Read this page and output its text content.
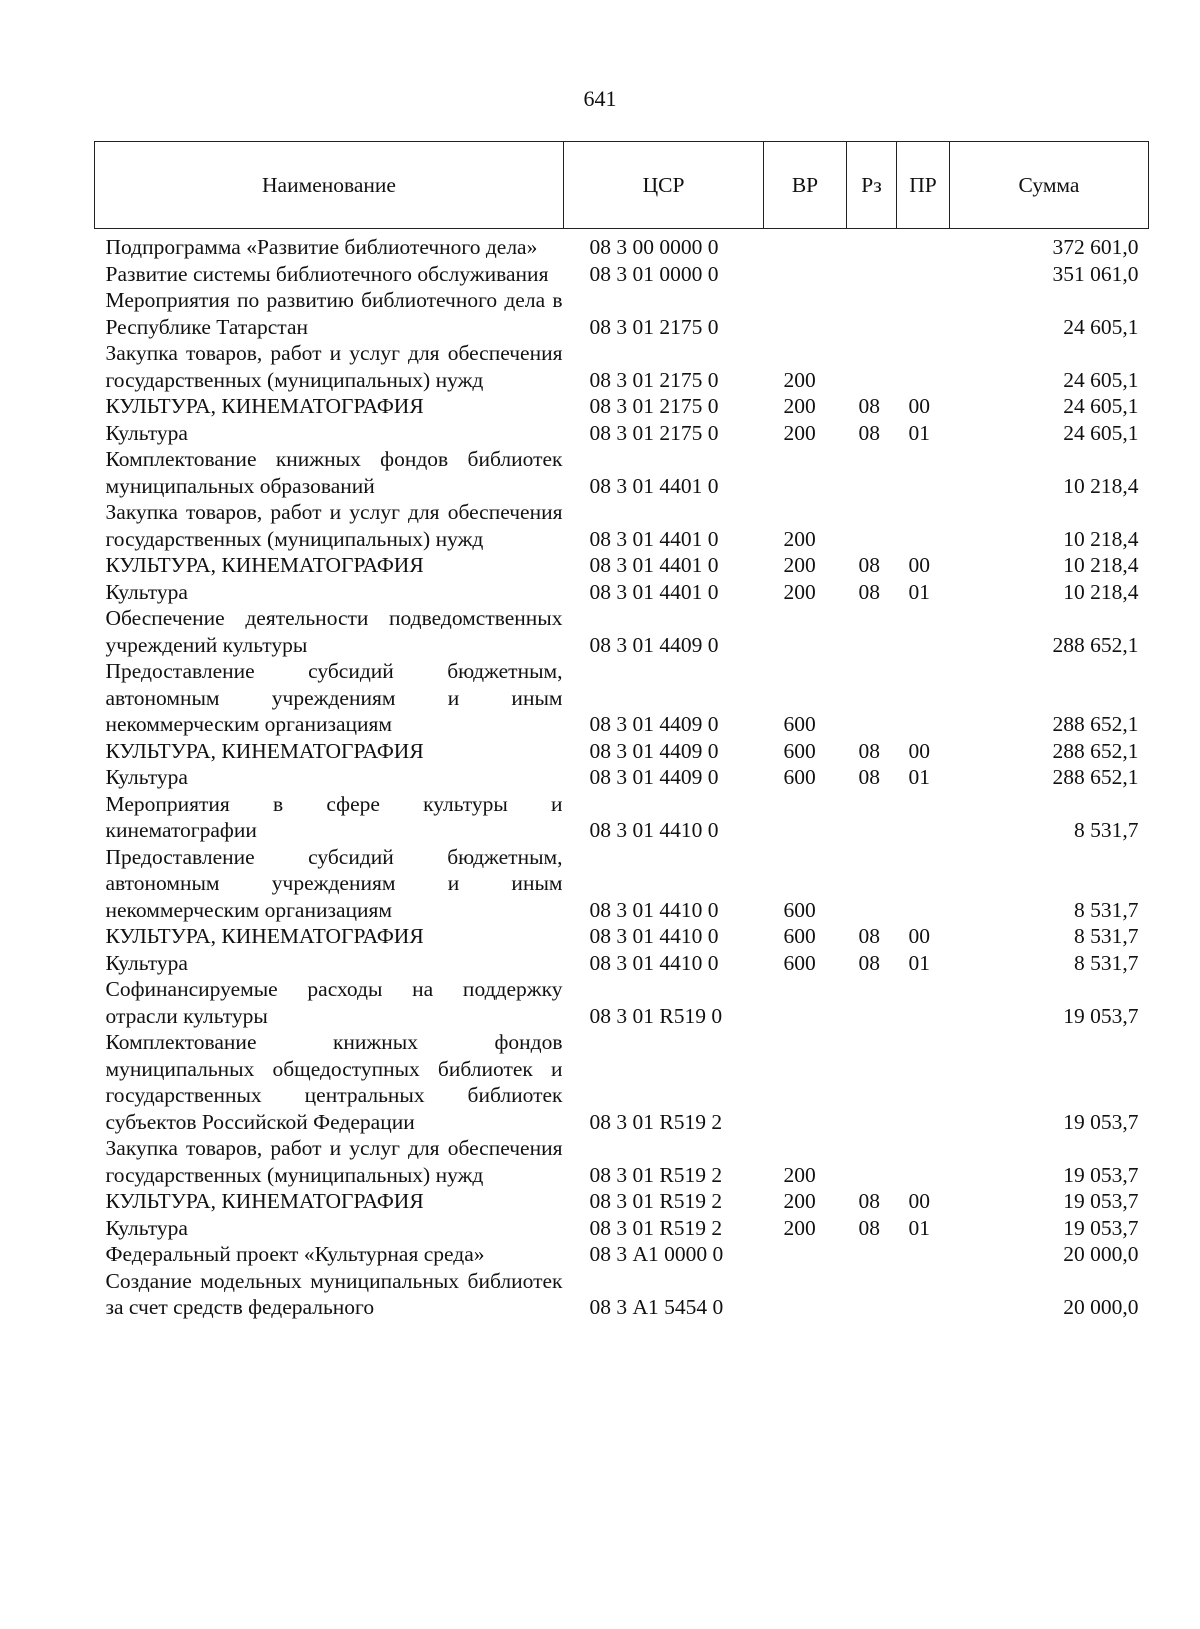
641
Наименование	ЦСР	ВР	Рз	ПР	Сумма
Подпрограмма «Развитие библиотечного дела»	08 3 00 0000 0				372 601,0
Развитие системы библиотечного обслуживания	08 3 01 0000 0				351 061,0
Мероприятия по развитию библиотечного дела в Республике Татарстан	08 3 01 2175 0				24 605,1
Закупка товаров, работ и услуг для обеспечения государственных (муниципальных) нужд	08 3 01 2175 0	200			24 605,1
КУЛЬТУРА, КИНЕМАТОГРАФИЯ	08 3 01 2175 0	200	08	00	24 605,1
Культура	08 3 01 2175 0	200	08	01	24 605,1
Комплектование книжных фондов библиотек муниципальных образований	08 3 01 4401 0				10 218,4
Закупка товаров, работ и услуг для обеспечения государственных (муниципальных) нужд	08 3 01 4401 0	200			10 218,4
КУЛЬТУРА, КИНЕМАТОГРАФИЯ	08 3 01 4401 0	200	08	00	10 218,4
Культура	08 3 01 4401 0	200	08	01	10 218,4
Обеспечение деятельности подведомственных учреждений культуры	08 3 01 4409 0				288 652,1
Предоставление субсидий бюджетным, автономным учреждениям и иным некоммерческим организациям	08 3 01 4409 0	600			288 652,1
КУЛЬТУРА, КИНЕМАТОГРАФИЯ	08 3 01 4409 0	600	08	00	288 652,1
Культура	08 3 01 4409 0	600	08	01	288 652,1
Мероприятия в сфере культуры и кинематографии	08 3 01 4410 0				8 531,7
Предоставление субсидий бюджетным, автономным учреждениям и иным некоммерческим организациям	08 3 01 4410 0	600			8 531,7
КУЛЬТУРА, КИНЕМАТОГРАФИЯ	08 3 01 4410 0	600	08	00	8 531,7
Культура	08 3 01 4410 0	600	08	01	8 531,7
Софинансируемые расходы на поддержку отрасли культуры	08 3 01 R519 0				19 053,7
Комплектование книжных фондов муниципальных общедоступных библиотек и государственных центральных библиотек субъектов Российской Федерации	08 3 01 R519 2				19 053,7
Закупка товаров, работ и услуг для обеспечения государственных (муниципальных) нужд	08 3 01 R519 2	200			19 053,7
КУЛЬТУРА, КИНЕМАТОГРАФИЯ	08 3 01 R519 2	200	08	00	19 053,7
Культура	08 3 01 R519 2	200	08	01	19 053,7
Федеральный проект «Культурная среда»	08 3 А1 0000 0				20 000,0
Создание модельных муниципальных библиотек за счет средств федерального	08 3 А1 5454 0				20 000,0
